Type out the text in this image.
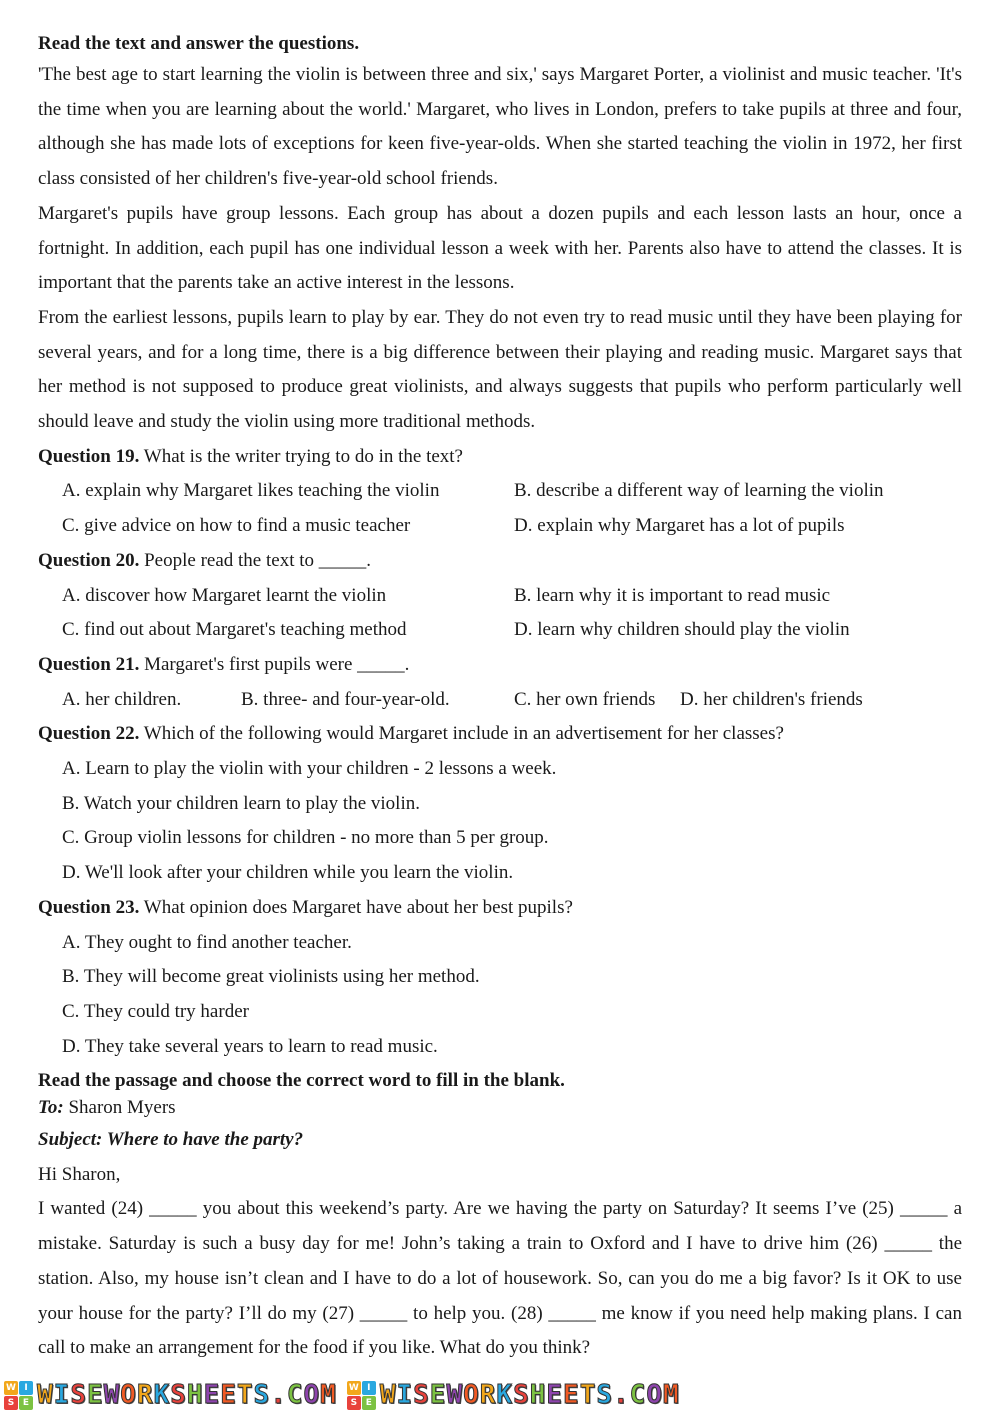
Read the text and answer the questions.

'The best age to start learning the violin is between three and six,' says Margaret Porter, a violinist and music teacher. 'It's the time when you are learning about the world.' Margaret, who lives in London, prefers to take pupils at three and four, although she has made lots of exceptions for keen five-year-olds. When she started teaching the violin in 1972, her first class consisted of her children's five-year-old school friends.

Margaret's pupils have group lessons. Each group has about a dozen pupils and each lesson lasts an hour, once a fortnight. In addition, each pupil has one individual lesson a week with her. Parents also have to attend the classes. It is important that the parents take an active interest in the lessons.

From the earliest lessons, pupils learn to play by ear. They do not even try to read music until they have been playing for several years, and for a long time, there is a big difference between their playing and reading music. Margaret says that her method is not supposed to produce great violinists, and always suggests that pupils who perform particularly well should leave and study the violin using more traditional methods.

Question 19. What is the writer trying to do in the text?
A. explain why Margaret likes teaching the violin	B. describe a different way of learning the violin
C. give advice on how to find a music teacher	D. explain why Margaret has a lot of pupils
Question 20. People read the text to _____.
A. discover how Margaret learnt the violin	B. learn why it is important to read music
C. find out about Margaret's teaching method	D. learn why children should play the violin
Question 21. Margaret's first pupils were _____.
A. her children.	B. three- and four-year-old.	C. her own friends D. her children's friends
Question 22. Which of the following would Margaret include in an advertisement for her classes?
A. Learn to play the violin with your children - 2 lessons a week.
B. Watch your children learn to play the violin.
C. Group violin lessons for children - no more than 5 per group.
D. We'll look after your children while you learn the violin.
Question 23. What opinion does Margaret have about her best pupils?
A. They ought to find another teacher.
B. They will become great violinists using her method.
C. They could try harder
D. They take several years to learn to read music.
Read the passage and choose the correct word to fill in the blank.
To: Sharon Myers
Subject: Where to have the party?
Hi Sharon,

I wanted (24) _____ you about this weekend’s party. Are we having the party on Saturday? It seems I’ve (25) _____ a mistake. Saturday is such a busy day for me! John’s taking a train to Oxford and I have to drive him (26) _____ the station. Also, my house isn’t clean and I have to do a lot of housework. So, can you do me a big favor? Is it OK to use your house for the party? I’ll do my (27) _____ to help you. (28) _____ me know if you need help making plans. I can call to make an arrangement for the food if you like. What do you think?

W I
S E WISEWORKSHEETS.COM W I
S E WISEWORKSHEETS.COM
